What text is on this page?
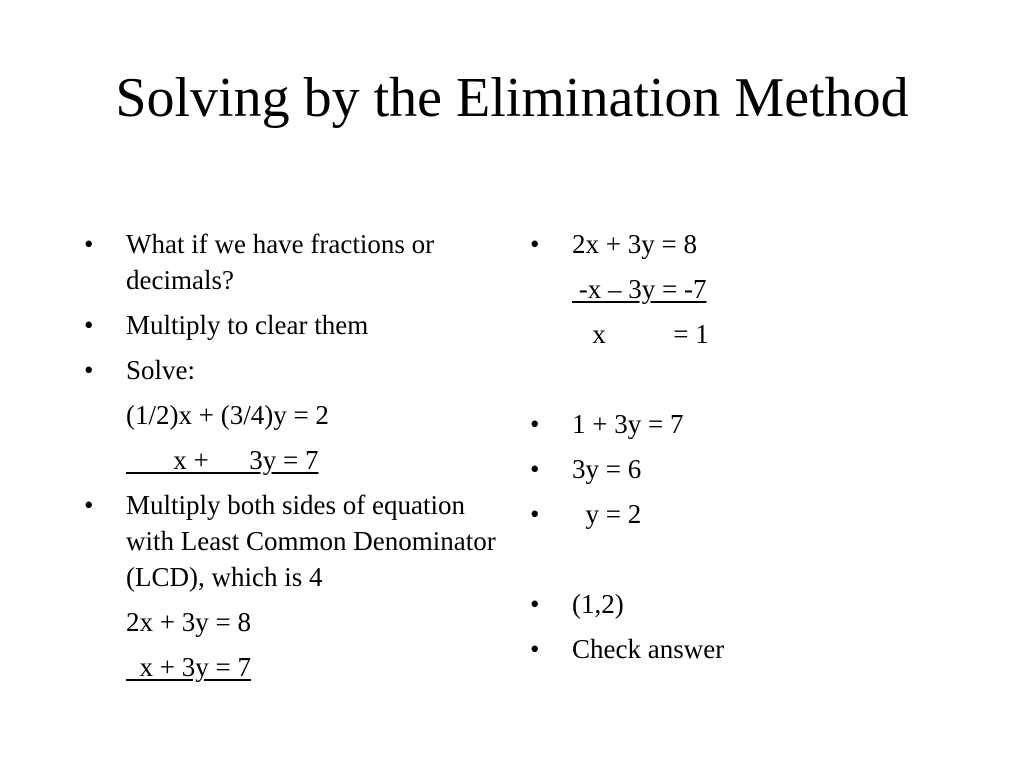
Solving by the Elimination Method
•	What if we have fractions or decimals?
•	Multiply to clear them
•	Solve:
(1/2)x + (3/4)y = 2
x +      3y = 7
•	Multiply both sides of equation with Least Common Denominator (LCD), which is 4
2x + 3y = 8
x + 3y = 7
•	2x + 3y = 8
-x – 3y = -7
x          = 1
•	1 + 3y = 7
•	3y = 6
•	y = 2
•	(1,2)
•	Check answer
